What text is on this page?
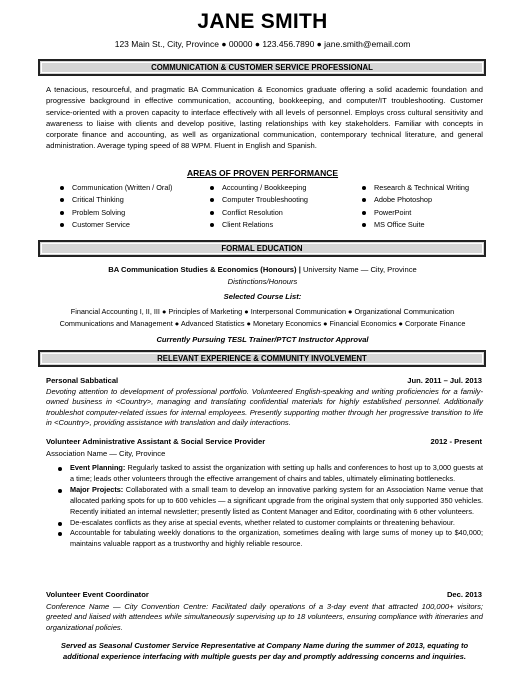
JANE SMITH
123 Main St., City, Province ● 00000 ● 123.456.7890 ● jane.smith@email.com
COMMUNICATION & CUSTOMER SERVICE PROFESSIONAL
A tenacious, resourceful, and pragmatic BA Communication & Economics graduate offering a solid academic foundation and progressive background in effective communication, accounting, bookkeeping, and computer/IT troubleshooting. Customer service-oriented with a proven capacity to interface effectively with all levels of personnel. Employs cross cultural sensitivity and awareness to liaise with clients and develop positive, lasting relationships with key stakeholders. Familiar with concepts in corporate finance and accounting, as well as organizational communication, contemporary technical literature, and general administration. Average typing speed of 88 WPM. Fluent in English and Spanish.
AREAS OF PROVEN PERFORMANCE
Communication (Written / Oral)
Critical Thinking
Problem Solving
Customer Service
Accounting / Bookkeeping
Computer Troubleshooting
Conflict Resolution
Client Relations
Research & Technical Writing
Adobe Photoshop
PowerPoint
MS Office Suite
FORMAL EDUCATION
BA Communication Studies & Economics (Honours) | University Name — City, Province
Distinctions/Honours
Selected Course List:
Financial Accounting I, II, III ● Principles of Marketing ● Interpersonal Communication ● Organizational Communication
Communications and Management ● Advanced Statistics ● Monetary Economics ● Financial Economics ● Corporate Finance
Currently Pursuing TESL Trainer/PTCT Instructor Approval
RELEVANT EXPERIENCE & COMMUNITY INVOLVEMENT
Personal Sabbatical	Jun. 2011 – Jul. 2013
Devoting attention to development of professional portfolio. Volunteered English-speaking and writing proficiencies for a family-owned business in <Country>, managing and translating confidential materials for highly established personnel. Additionally troubleshot computer-related issues for internal employees. Presently supporting mother through her progressive transition to life in <Country>, providing assistance with translation and daily interactions.
Volunteer Administrative Assistant & Social Service Provider	2012 - Present
Association Name — City, Province
Event Planning: Regularly tasked to assist the organization with setting up halls and conferences to host up to 3,000 guests at a time; leads other volunteers through the effective arrangement of chairs and tables, ultimately eliminating bottlenecks.
Major Projects: Collaborated with a small team to develop an innovative parking system for an Association Name venue that allocated parking spots for up to 600 vehicles — a significant upgrade from the original system that only supported 350 vehicles. Recently initiated an internal newsletter; presently listed as Content Manager and Editor, coordinating with 6 other volunteers.
De-escalates conflicts as they arise at special events, whether related to customer complaints or threatening behaviour.
Accountable for tabulating weekly donations to the organization, sometimes dealing with large sums of money up to $40,000; maintains valuable rapport as a trustworthy and highly reliable resource.
Volunteer Event Coordinator	Dec. 2013
Conference Name — City Convention Centre: Facilitated daily operations of a 3-day event that attracted 100,000+ visitors; greeted and liaised with attendees while simultaneously supervising up to 18 volunteers, ensuring compliance with itineraries and organizational policies.
Served as Seasonal Customer Service Representative at Company Name during the summer of 2013, equating to additional experience interfacing with multiple guests per day and promptly addressing concerns and inquiries.
